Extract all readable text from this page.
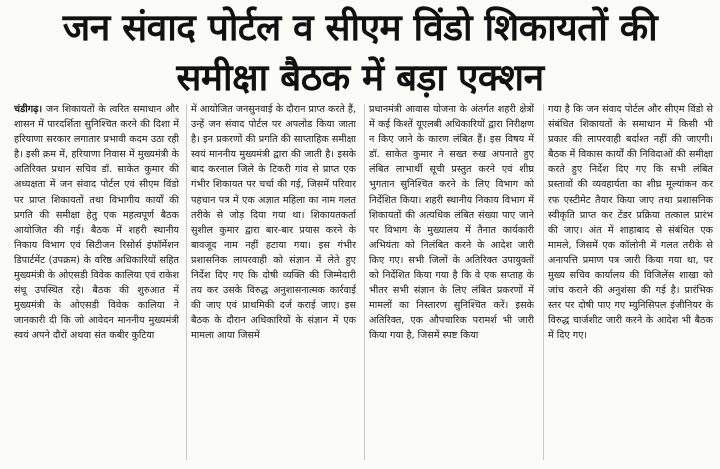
जन संवाद पोर्टल व सीएम विंडो शिकायतों की
समीक्षा बैठक में बड़ा एक्शन

चंडीगढ़। जन शिकायतों के त्वरित समाधान और शासन में पारदर्शिता सुनिश्चित करने की दिशा में हरियाणा सरकार लगातार प्रभावी कदम उठा रही है। इसी क्रम में, हरियाणा निवास में मुख्यमंत्री के अतिरिक्त प्रधान सचिव डॉ. साकेत कुमार की अध्यक्षता में जन संवाद पोर्टल एवं सीएम विंडो पर प्राप्त शिकायतों तथा विभागीय कार्यों की प्रगति की समीक्षा हेतु एक महत्वपूर्ण बैठक आयोजित की गई। बैठक में शहरी स्थानीय निकाय विभाग एवं सिटीजन रिसोर्स इंफॉर्मेशन डिपार्टमेंट (उपक्रम) के वरिष्ठ अधिकारियों सहित मुख्यमंत्री के ओएसडी विवेक कालिया एवं राकेश संधू उपस्थित रहे। बैठक की शुरुआत में मुख्यमंत्री के ओएसडी विवेक कालिया ने जानकारी दी कि जो आवेदन माननीय मुख्यमंत्री स्वयं अपने दौरों अथवा संत कबीर कुटिया

में आयोजित जनसुनवाई के दौरान प्राप्त करते हैं, उन्हें जन संवाद पोर्टल पर अपलोड किया जाता है। इन प्रकरणों की प्रगति की साप्ताहिक समीक्षा स्वयं माननीय मुख्यमंत्री द्वारा की जाती है। इसके बाद करनाल जिले के टिकरी गांव से प्राप्त एक गंभीर शिकायत पर चर्चा की गई, जिसमें परिवार पहचान पत्र में एक अज्ञात महिला का नाम गलत तरीके से जोड़ दिया गया था। शिकायतकर्ता सुशील कुमार द्वारा बार-बार प्रयास करने के बावजूद नाम नहीं हटाया गया। इस गंभीर प्रशासनिक लापरवाही को संज्ञान में लेते हुए निर्देश दिए गए कि दोषी व्यक्ति की जिम्मेदारी तय कर उसके विरुद्ध अनुशासनात्मक कार्रवाई की जाए एवं प्राथमिकी दर्ज कराई जाए। इस बैठक के दौरान अधिकारियों के संज्ञान में एक मामला आया जिसमें

प्रधानमंत्री आवास योजना के अंतर्गत शहरी क्षेत्रों में कई किश्तें यूएलबी अधिकारियों द्वारा निरीक्षण न किए जाने के कारण लंबित हैं। इस विषय में डॉ. साकेत कुमार ने सख्त रुख अपनाते हुए लंबित लाभार्थी सूची प्रस्तुत करने एवं शीघ्र भुगतान सुनिश्चित करने के लिए विभाग को निर्देशित किया। शहरी स्थानीय निकाय विभाग में शिकायतों की अत्यधिक लंबित संख्या पाए जाने पर विभाग के मुख्यालय में तैनात कार्यकारी अभियंता को निलंबित करने के आदेश जारी किए गए। सभी जिलों के अतिरिक्त उपायुक्तों को निर्देशित किया गया है कि वे एक सप्ताह के भीतर सभी संज्ञान के लिए लंबित प्रकरणों में मामलों का निस्तारण सुनिश्चित करें। इसके अतिरिक्त, एक औपचारिक परामर्श भी जारी किया गया है, जिसमें स्पष्ट किया

गया है कि जन संवाद पोर्टल और सीएम विंडो से संबंधित शिकायतों के समाधान में किसी भी प्रकार की लापरवाही बर्दाश्त नहीं की जाएगी। बैठक में विकास कार्यों की निविदाओं की समीक्षा करते हुए निर्देश दिए गए कि सभी लंबित प्रस्तावों की व्यवहार्यता का शीघ्र मूल्यांकन कर रफ एस्टीमेट तैयार किया जाए तथा प्रशासनिक स्वीकृति प्राप्त कर टेंडर प्रक्रिया तत्काल प्रारंभ की जाए। अंत में शाहाबाद से संबंधित एक मामले, जिसमें एक कॉलोनी में गलत तरीके से अनापत्ति प्रमाण पत्र जारी किया गया था, पर मुख्य सचिव कार्यालय की विजिलेंस शाखा को जांच कराने की अनुशंसा की गई है। प्रारंभिक स्तर पर दोषी पाए गए म्युनिसिपल इंजीनियर के विरुद्ध चार्जशीट जारी करने के आदेश भी बैठक में दिए गए।
